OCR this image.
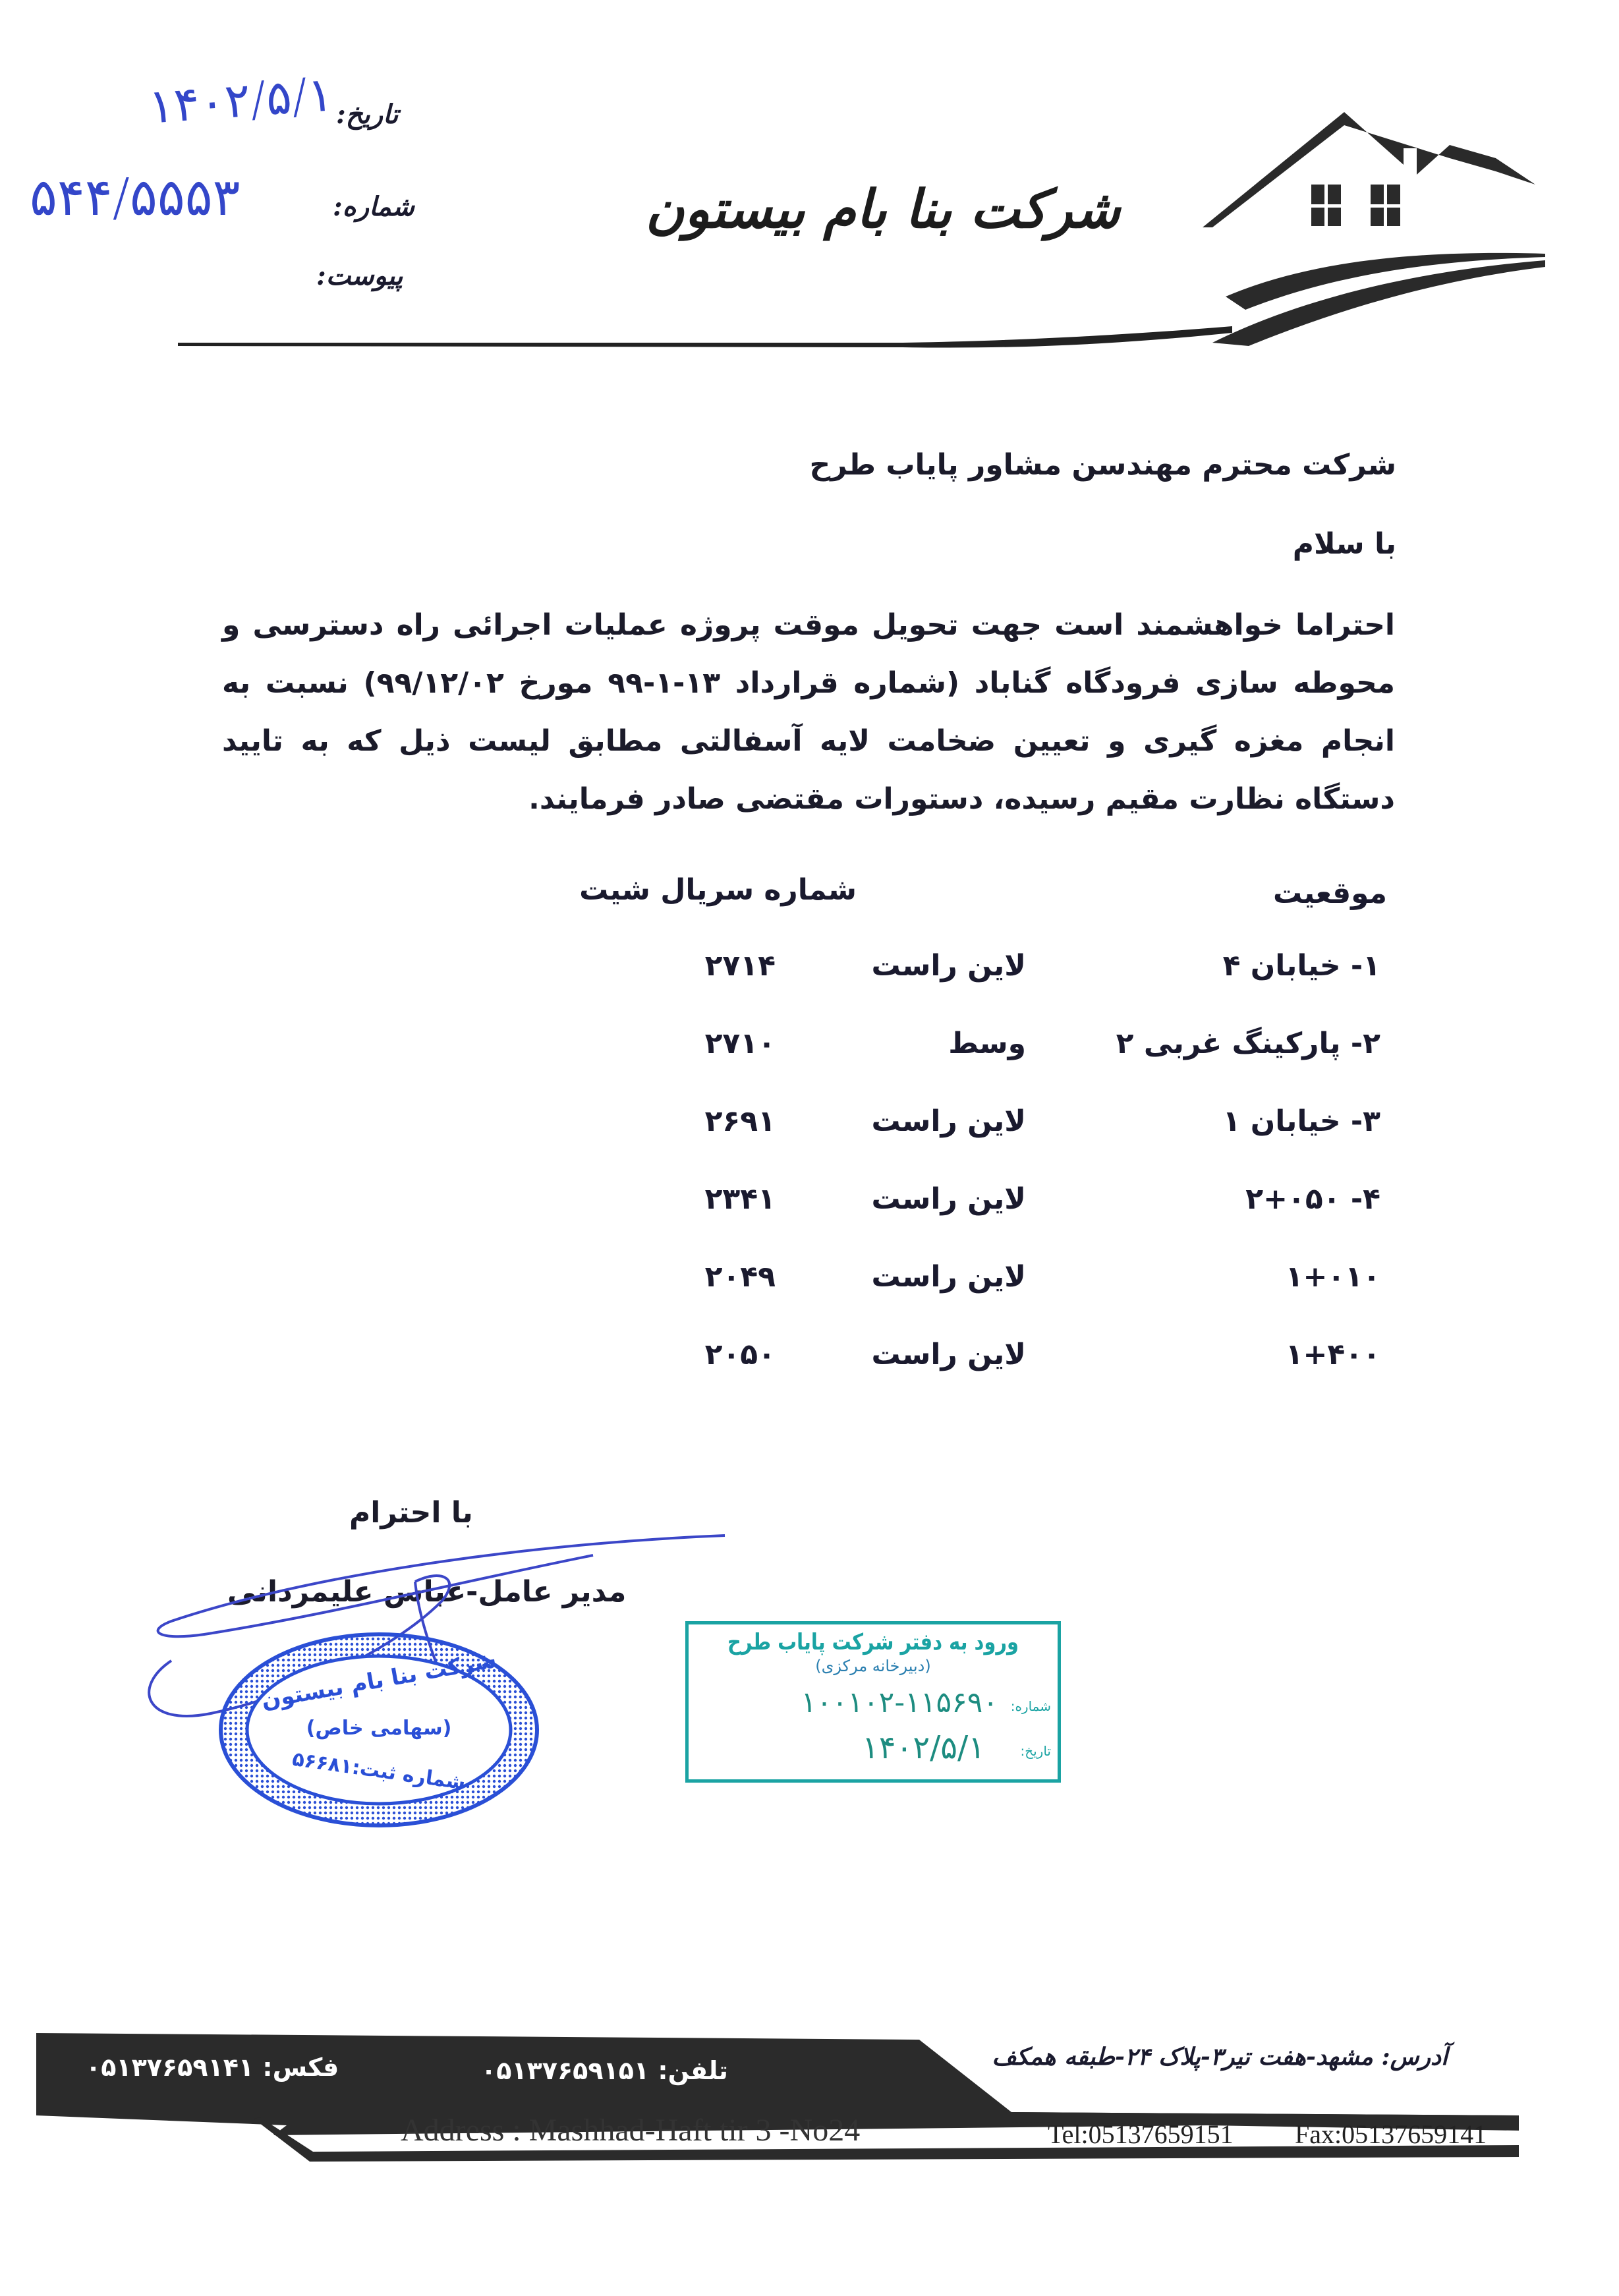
۱۴۰۲/۵/۱ تاریخ:
۵۴۴/۵۵۵۳	شماره:
پیوست:
شرکت بنا بام بیستون
شرکت محترم مهندسن مشاور پایاب طرح
با سلام
احتراما خواهشمند است جهت تحویل موقت پروژه عملیات اجرائی راه دسترسی و محوطه سازی فرودگاه گناباد (شماره قرارداد ۱۳-۱-۹۹ مورخ ۹۹/۱۲/۰۲) نسبت به انجام مغزه گیری و تعیین ضخامت لایه آسفالتی مطابق لیست ذیل که به تایید دستگاه نظارت مقیم رسیده، دستورات مقتضی صادر فرمایند.
موقعیت
شماره سریال شیت
۱- خیابان ۴
لاین راست
۲۷۱۴
۲- پارکینگ غربی ۲
وسط
۲۷۱۰
۳- خیابان ۱
لاین راست
۲۶۹۱
۴- ۲+۰۵۰
لاین راست
۲۳۴۱
۱+۰۱۰
لاین راست
۲۰۴۹
۱+۴۰۰
لاین راست
۲۰۵۰
با احترام
مدیر عامل-عباس علیمردانی
شرکت بنا بام بیستون
(سهامی خاص)
شماره ثبت:۵۶۶۸۱
ورود به دفتر شرکت پایاب طرح
(دبیرخانه مرکزی)
شماره:
۱۰۰۱۰۲-۱۱۵۶۹۰
تاریخ:
۱۴۰۲/۵/۱
آدرس: مشهد-هفت تیر۳-پلاک ۲۴-طبقه همکف
تلفن: ۰۵۱۳۷۶۵۹۱۵۱
فکس: ۰۵۱۳۷۶۵۹۱۴۱
Address : Mashhad-Haft tir 3 -No24	Tel:05137659151 Fax:05137659141
